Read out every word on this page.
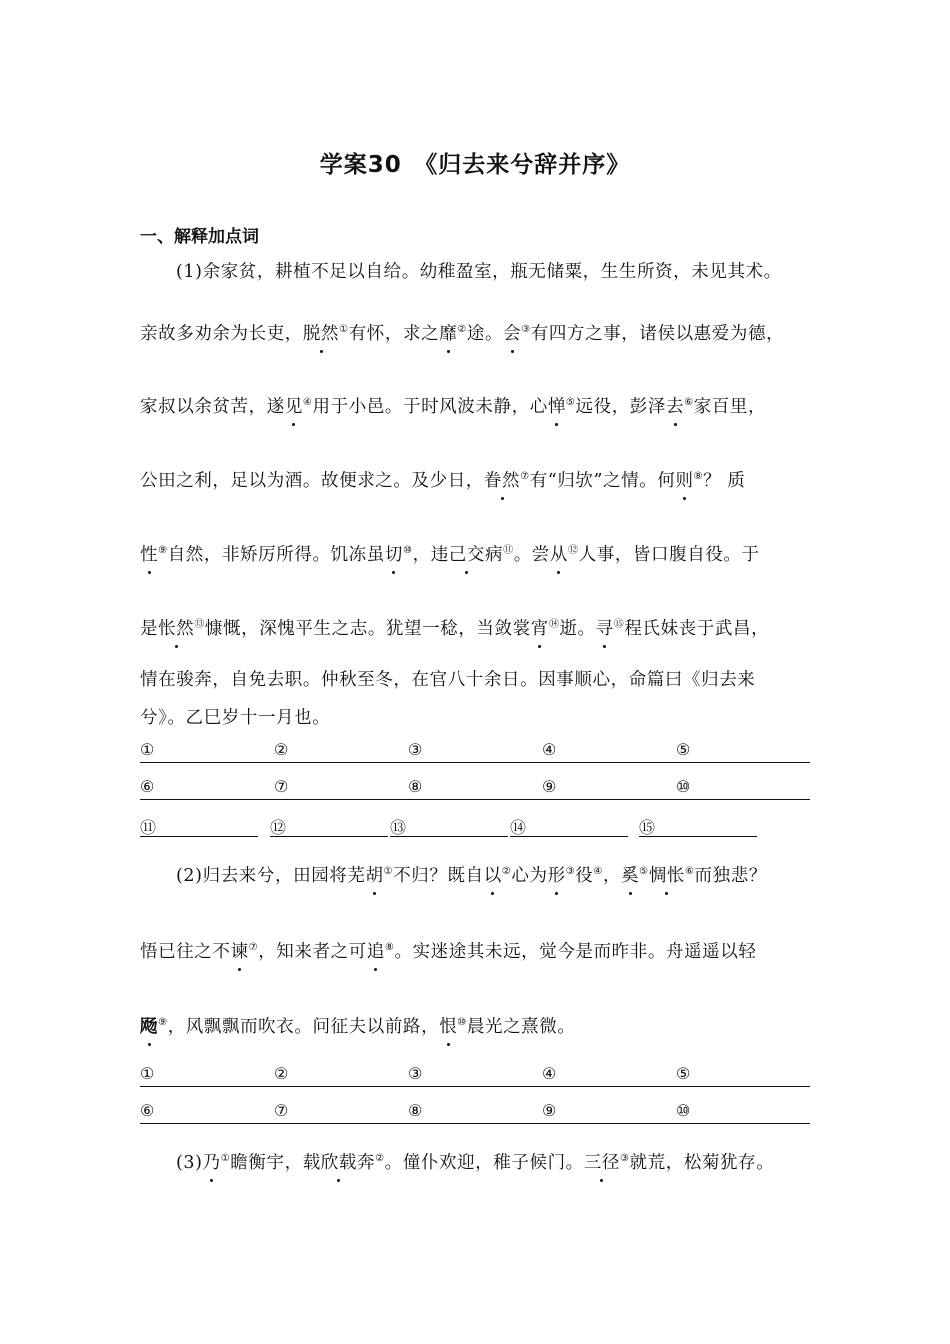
学案30　《归去来兮辞并序》
一、解释加点词
(1)余家贫，耕植不足以自给。幼稚盈室，瓶无储粟，生生所资，未见其术。
亲故多劝余为长吏，脱然①有怀，求之靡②途。会③有四方之事，诸侯以惠爱为德，
家叔以余贫苦，遂见④用于小邑。于时风波未静，心惮⑤远役，彭泽去⑥家百里，
公田之利，足以为酒。故便求之。及少日，眷然⑦有“归欤”之情。何则⑧？ 质
性⑨自然，非矫厉所得。饥冻虽切⑩，违己交病⑪。尝从⑫人事，皆口腹自役。于
是怅然⑬慷慨，深愧平生之志。犹望一稔，当敛裳宵⑭逝。寻⑮程氏妹丧于武昌，
情在骏奔，自免去职。仲秋至冬，在官八十余日。因事顺心，命篇曰《归去来
兮》。乙巳岁十一月也。
①	②	③	④	⑤
⑥	⑦	⑧	⑨	⑩
⑪	⑫	⑬	⑭	⑮
(2)归去来兮，田园将芜胡①不归？既自以②心为形③役④，奚⑤惆怅⑥而独悲？
悟已往之不谏⑦，知来者之可追⑧。实迷途其未远，觉今是而昨非。舟遥遥以轻
飏⑨，风飘飘而吹衣。问征夫以前路，恨⑩晨光之熹微。
①	②	③	④	⑤
⑥	⑦	⑧	⑨	⑩
(3)乃①瞻衡宇，载欣载奔②。僮仆欢迎，稚子候门。三径③就荒，松菊犹存。
